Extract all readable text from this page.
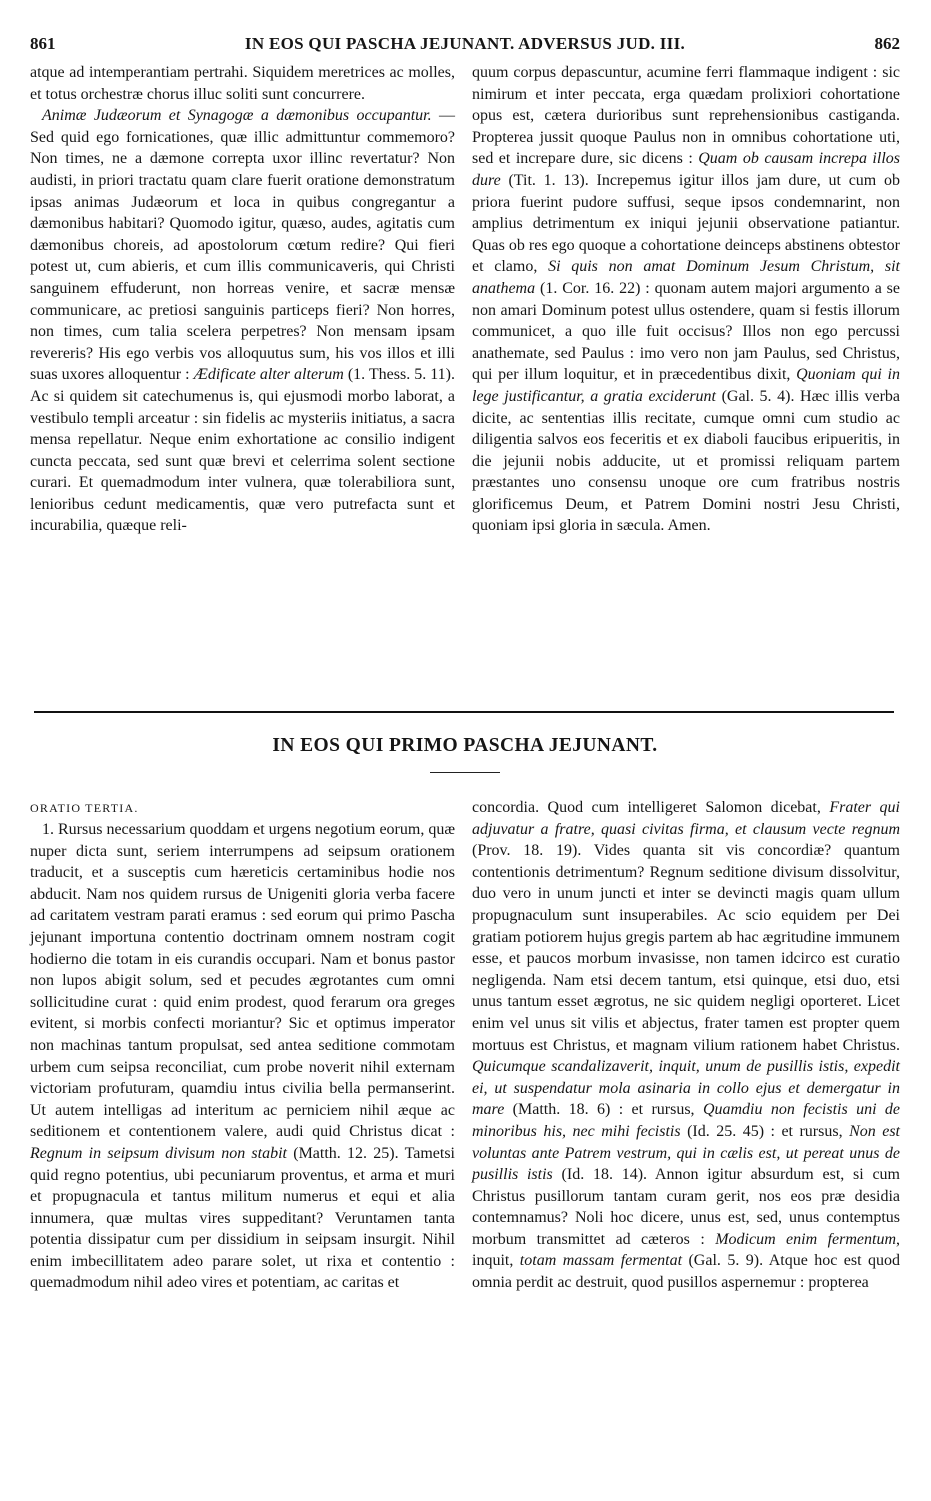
861	IN EOS QUI PASCHA JEJUNANT. ADVERSUS JUD. III.	862

atque ad intemperantiam pertrahi. Siquidem meretrices ac molles, et totus orchestræ chorus illuc soliti sunt concurrere.

Animæ Judæorum et Synagogæ a dæmonibus occupantur. — Sed quid ego fornicationes, quæ illic admittuntur commemoro? Non times, ne a dæmone correpta uxor illinc revertatur? Non audisti, in priori tractatu quam clare fuerit oratione demonstratum ipsas animas Judæorum et loca in quibus congregantur a dæmonibus habitari? Quomodo igitur, quæso, audes, agitatis cum dæmonibus choreis, ad apostolorum cœtum redire? Qui fieri potest ut, cum abieris, et cum illis communicaveris, qui Christi sanguinem effuderunt, non horreas venire, et sacræ mensæ communicare, ac pretiosi sanguinis particeps fieri? Non horres, non times, cum talia scelera perpetres? Non mensam ipsam revereris? His ego verbis vos alloquutus sum, his vos illos et illi suas uxores alloquentur : Ædificate alter alterum (1. Thess. 5. 11). Ac si quidem sit catechumenus is, qui ejusmodi morbo laborat, a vestibulo templi arceatur : sin fidelis ac mysteriis initiatus, a sacra mensa repellatur. Neque enim exhortatione ac consilio indigent cuncta peccata, sed sunt quæ brevi et celerrima solent sectione curari. Et quemadmodum inter vulnera, quæ tolerabiliora sunt, lenioribus cedunt medicamentis, quæ vero putrefacta sunt et incurabilia, quæque reli-

quum corpus depascuntur, acumine ferri flammaque indigent : sic nimirum et inter peccata, erga quædam prolixiori cohortatione opus est, cætera durioribus sunt reprehensionibus castiganda. Propterea jussit quoque Paulus non in omnibus cohortatione uti, sed et increpare dure, sic dicens : Quam ob causam increpa illos dure (Tit. 1. 13). Increpemus igitur illos jam dure, ut cum ob priora fuerint pudore suffusi, seque ipsos condemnarint, non amplius detrimentum ex iniqui jejunii observatione patiantur. Quas ob res ego quoque a cohortatione deinceps abstinens obtestor et clamo, Si quis non amat Dominum Jesum Christum, sit anathema (1. Cor. 16. 22) : quonam autem majori argumento a se non amari Dominum potest ullus ostendere, quam si festis illorum communicet, a quo ille fuit occisus? Illos non ego percussi anathemate, sed Paulus : imo vero non jam Paulus, sed Christus, qui per illum loquitur, et in præcedentibus dixit, Quoniam qui in lege justificantur, a gratia exciderunt (Gal. 5. 4). Hæc illis verba dicite, ac sententias illis recitate, cumque omni cum studio ac diligentia salvos eos feceritis et ex diaboli faucibus eripueritis, in die jejunii nobis adducite, ut et promissi reliquam partem præstantes uno consensu unoque ore cum fratribus nostris glorificemus Deum, et Patrem Domini nostri Jesu Christi, quoniam ipsi gloria in sæcula. Amen.

IN EOS QUI PRIMO PASCHA JEJUNANT.

ORATIO TERTIA.

1. Rursus necessarium quoddam et urgens negotium eorum, quæ nuper dicta sunt, seriem interrumpens ad seipsum orationem traducit, et a susceptis cum hæreticis certaminibus hodie nos abducit. Nam nos quidem rursus de Unigeniti gloria verba facere ad caritatem vestram parati eramus : sed eorum qui primo Pascha jejunant importuna contentio doctrinam omnem nostram cogit hodierno die totam in eis curandis occupari. Nam et bonus pastor non lupos abigit solum, sed et pecudes ægrotantes cum omni sollicitudine curat : quid enim prodest, quod ferarum ora greges evitent, si morbis confecti moriantur? Sic et optimus imperator non machinas tantum propulsat, sed antea seditione commotam urbem cum seipsa reconciliat, cum probe noverit nihil externam victoriam profuturam, quamdiu intus civilia bella permanserint. Ut autem intelligas ad interitum ac perniciem nihil æque ac seditionem et contentionem valere, audi quid Christus dicat : Regnum in seipsum divisum non stabit (Matth. 12. 25). Tametsi quid regno potentius, ubi pecuniarum proventus, et arma et muri et propugnacula et tantus militum numerus et equi et alia innumera, quæ multas vires suppeditant? Veruntamen tanta potentia dissipatur cum per dissidium in seipsam insurgit. Nihil enim imbecillitatem adeo parare solet, ut rixa et contentio : quemadmodum nihil adeo vires et potentiam, ac caritas et

concordia. Quod cum intelligeret Salomon dicebat, Frater qui adjuvatur a fratre, quasi civitas firma, et clausum vecte regnum (Prov. 18. 19). Vides quanta sit vis concordiæ? quantum contentionis detrimentum? Regnum seditione divisum dissolvitur, duo vero in unum juncti et inter se devincti magis quam ullum propugnaculum sunt insuperabiles. Ac scio equidem per Dei gratiam potiorem hujus gregis partem ab hac ægritudine immunem esse, et paucos morbum invasisse, non tamen idcirco est curatio negligenda. Nam etsi decem tantum, etsi quinque, etsi duo, etsi unus tantum esset ægrotus, ne sic quidem negligi oporteret. Licet enim vel unus sit vilis et abjectus, frater tamen est propter quem mortuus est Christus, et magnam vilium rationem habet Christus. Quicumque scandalizaverit, inquit, unum de pusillis istis, expedit ei, ut suspendatur mola asinaria in collo ejus et demergatur in mare (Matth. 18. 6) : et rursus, Quamdiu non fecistis uni de minoribus his, nec mihi fecistis (Id. 25. 45) : et rursus, Non est voluntas ante Patrem vestrum, qui in cælis est, ut pereat unus de pusillis istis (Id. 18. 14). Annon igitur absurdum est, si cum Christus pusillorum tantam curam gerit, nos eos præ desidia contemnamus? Noli hoc dicere, unus est, sed, unus contemptus morbum transmittet ad cæteros : Modicum enim fermentum, inquit, totam massam fermentat (Gal. 5. 9). Atque hoc est quod omnia perdit ac destruit, quod pusillos aspernemur : propterea
